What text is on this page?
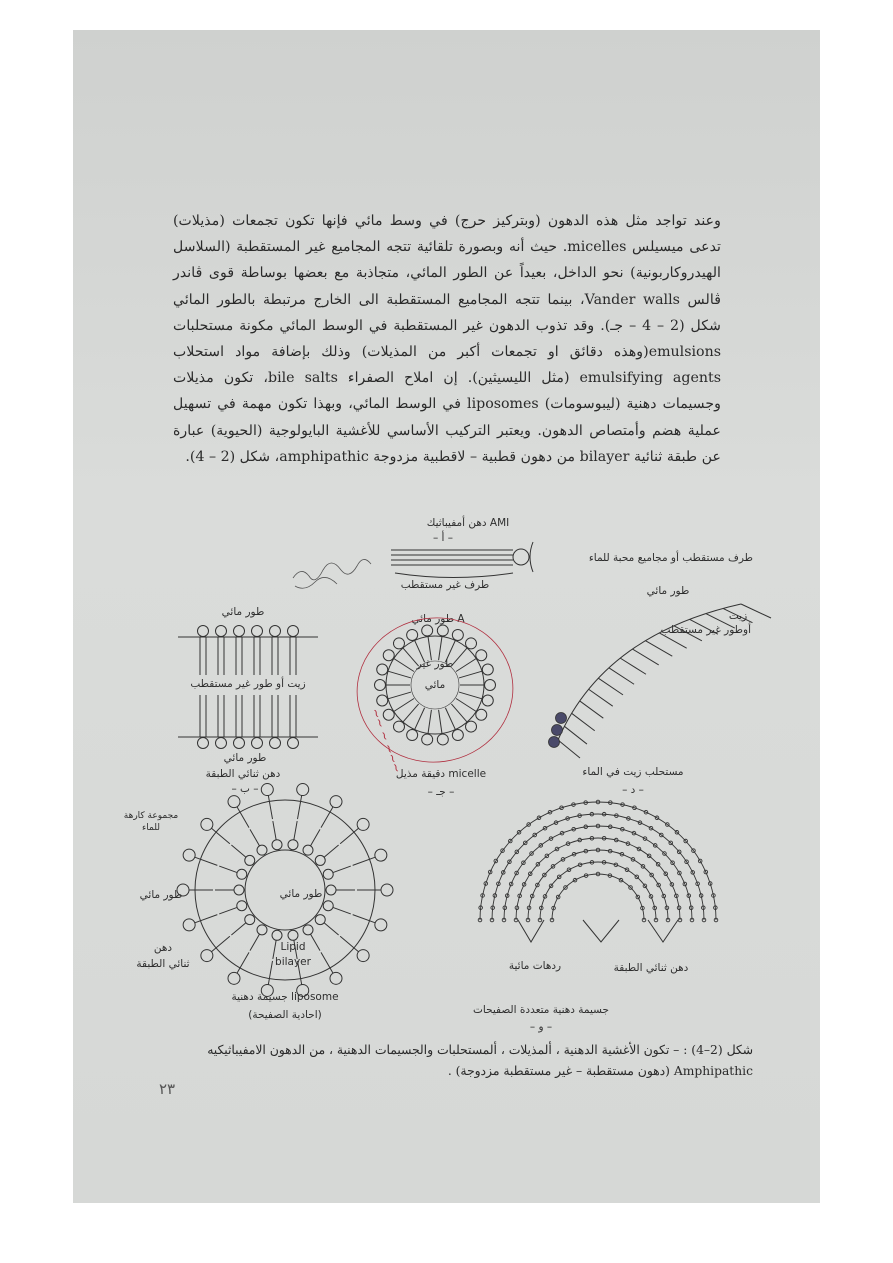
وعند تواجد مثل هذه الدهون (وبتركيز حرج) في وسط مائي فإنها تكون تجمعات (مذيلات) تدعى ميسيلس micelles. حيث أنه وبصورة تلقائية تتجه المجاميع غير المستقطبة (السلاسل الهيدروكاربونية) نحو الداخل، بعيداً عن الطور المائي، متجاذبة مع بعضها بوساطة قوى ڤاندر ڤالس Vander walls، بينما تتجه المجاميع المستقطبة الى الخارج مرتبطة بالطور المائي شكل (2 – 4 – جـ). وقد تذوب الدهون غير المستقطبة في الوسط المائي مكونة مستحلبات emulsions(وهذه دقائق او تجمعات أكبر من المذيلات) وذلك بإضافة مواد استحلاب emulsifying agents (مثل الليسيثين). إن املاح الصفراء bile salts، تكون مذيلات وجسيمات دهنية (ليبوسومات) liposomes في الوسط المائي، وبهذا تكون مهمة في تسهيل عملية هضم وأمتصاص الدهون. ويعتبر التركيب الأساسي للأغشية البايولوجية (الحيوية) عبارة عن طبقة ثنائية bilayer من دهون قطبية – لاقطبية مزدوجة amphipathic، شكل (2 – 4).
دهن أمفيباثيك AMI
– أ –
طرف مستقطب أو مجاميع محبة للماء
طرف غير مستقطب
طور مائي
زيت أو طور غير مستقطب
طور مائي
دهن ثنائي الطبقة
– ب –
طور مائي A
طور غير
مائي
~~ ~ ~~~
دقيقة مذيل micelle
– جـ –
طور مائي
زيت
أوطور غير مستقطب
مستحلب زيت في الماء
– د –
مجموعة كارهة
للماء
طور مائي	طور مائي
دهن
ثنائي الطبقة
Lipid
bilayer
جسيمة دهنية liposome
(احادية الصفيحة)
دهن ثنائي الطبقة
ردهات مائية
جسيمة دهنية متعددة الصفيحات
– و –
شكل (2–4) : – تكون الأغشية الدهنية ، ألمذيلات ، ألمستحلبات والجسيمات الدهنية ، من الدهون الامفيباثيكيه
Amphipathic (دهون مستقطبة – غير مستقطبة مزدوجة) .
٢٣
